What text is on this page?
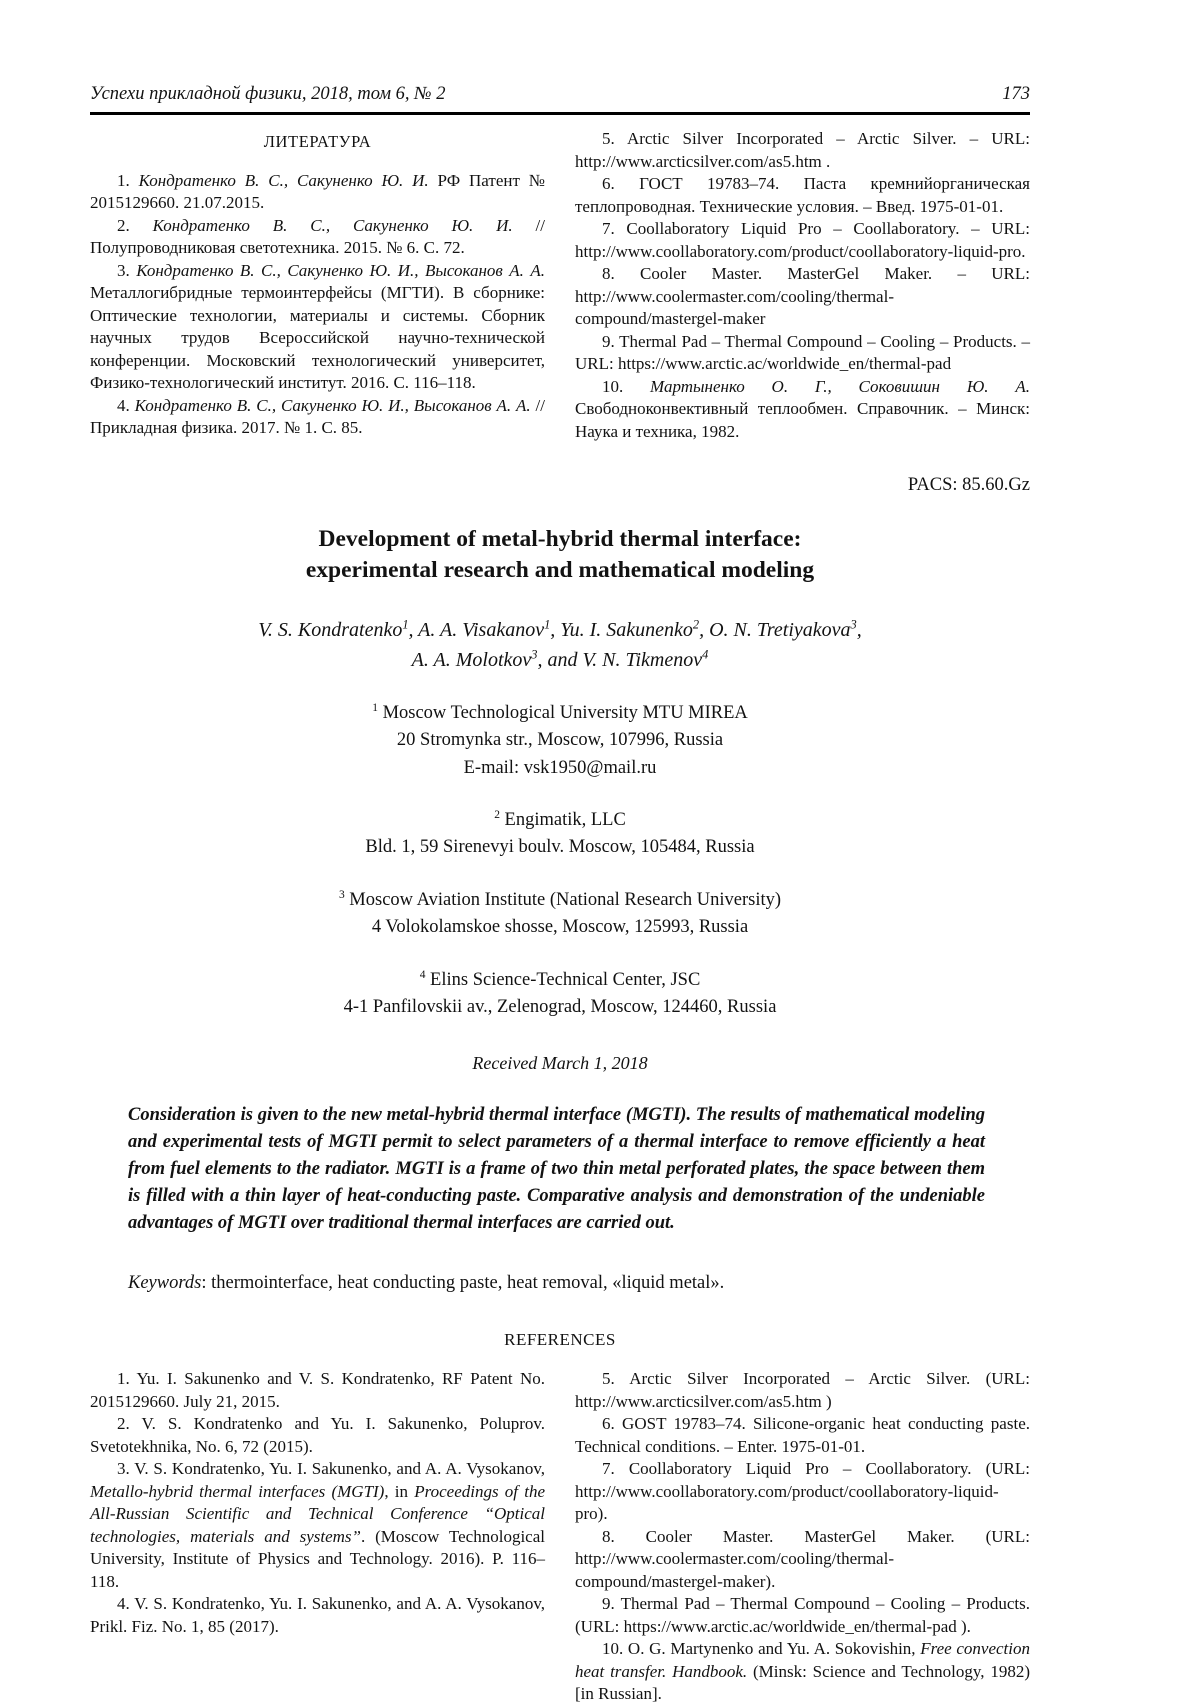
Успехи прикладной физики, 2018, том 6, № 2	173
ЛИТЕРАТУРА

1. Кондратенко В. С., Сакуненко Ю. И. РФ Патент № 2015129660. 21.07.2015.

2. Кондратенко В. С., Сакуненко Ю. И. // Полупроводниковая светотехника. 2015. № 6. С. 72.

3. Кондратенко В. С., Сакуненко Ю. И., Высоканов А. А. Металлогибридные термоинтерфейсы (МГТИ). В сборнике: Оптические технологии, материалы и системы. Сборник научных трудов Всероссийской научно-технической конференции. Московский технологический университет, Физико-технологический институт. 2016. С. 116–118.

4. Кондратенко В. С., Сакуненко Ю. И., Высоканов А. А. // Прикладная физика. 2017. № 1. С. 85.

5. Arctic Silver Incorporated – Arctic Silver. – URL: http://www.arcticsilver.com/as5.htm .

6. ГОСТ 19783–74. Паста кремнийорганическая теплопроводная. Технические условия. – Введ. 1975-01-01.

7. Coollaboratory Liquid Pro – Coollaboratory. – URL: http://www.coollaboratory.com/product/coollaboratory-liquid-pro.

8. Cooler Master. MasterGel Maker. – URL: http://www.coolermaster.com/cooling/thermal-compound/mastergel-maker

9. Thermal Pad – Thermal Compound – Cooling – Products. – URL: https://www.arctic.ac/worldwide_en/thermal-pad

10. Мартыненко О. Г., Соковишин Ю. А. Свободноконвективный теплообмен. Справочник. – Минск: Наука и техника, 1982.

PACS: 85.60.Gz
Development of metal-hybrid thermal interface:
experimental research and mathematical modeling
V. S. Kondratenko$^1$, A. A. Visakanov$^1$, Yu. I. Sakunenko$^2$, O. N. Tretiyakova$^3$,
A. A. Molotkov$^3$, and V. N. Tikmenov$^4$
$^1$ Moscow Technological University MTU MIREA
20 Stromynka str., Moscow, 107996, Russia
E-mail: vsk1950@mail.ru
$^2$ Engimatik, LLC
Bld. 1, 59 Sirenevyi boulv. Moscow, 105484, Russia
$^3$ Moscow Aviation Institute (National Research University)
4 Volokolamskoe shosse, Moscow, 125993, Russia
$^4$ Elins Science-Technical Center, JSC
4-1 Panfilovskii av., Zelenograd, Moscow, 124460, Russia
Received March 1, 2018

Consideration is given to the new metal-hybrid thermal interface (MGTI). The results of mathematical modeling and experimental tests of MGTI permit to select parameters of a thermal interface to remove efficiently a heat from fuel elements to the radiator. MGTI is a frame of two thin metal perforated plates, the space between them is filled with a thin layer of heat-conducting paste. Comparative analysis and demonstration of the undeniable advantages of MGTI over traditional thermal interfaces are carried out.

Keywords: thermointerface, heat conducting paste, heat removal, «liquid metal».
REFERENCES

1. Yu. I. Sakunenko and V. S. Kondratenko, RF Patent No. 2015129660. July 21, 2015.

2. V. S. Kondratenko and Yu. I. Sakunenko, Poluprov. Svetotekhnika, No. 6, 72 (2015).

3. V. S. Kondratenko, Yu. I. Sakunenko, and A. A. Vysokanov, Metallo-hybrid thermal interfaces (MGTI), in Proceedings of the All-Russian Scientific and Technical Conference “Optical technologies, materials and systems”. (Moscow Technological University, Institute of Physics and Technology. 2016). P. 116–118.

4. V. S. Kondratenko, Yu. I. Sakunenko, and A. A. Vysokanov, Prikl. Fiz. No. 1, 85 (2017).

5. Arctic Silver Incorporated – Arctic Silver. (URL: http://www.arcticsilver.com/as5.htm )

6. GOST 19783–74. Silicone-organic heat conducting paste. Technical conditions. – Enter. 1975-01-01.

7. Coollaboratory Liquid Pro – Coollaboratory. (URL: http://www.coollaboratory.com/product/coollaboratory-liquid-pro).

8. Cooler Master. MasterGel Maker. (URL: http://www.coolermaster.com/cooling/thermal-compound/mastergel-maker).

9. Thermal Pad – Thermal Compound – Cooling – Products. (URL: https://www.arctic.ac/worldwide_en/thermal-pad ).

10. O. G. Martynenko and Yu. A. Sokovishin, Free convection heat transfer. Handbook. (Minsk: Science and Technology, 1982) [in Russian].
